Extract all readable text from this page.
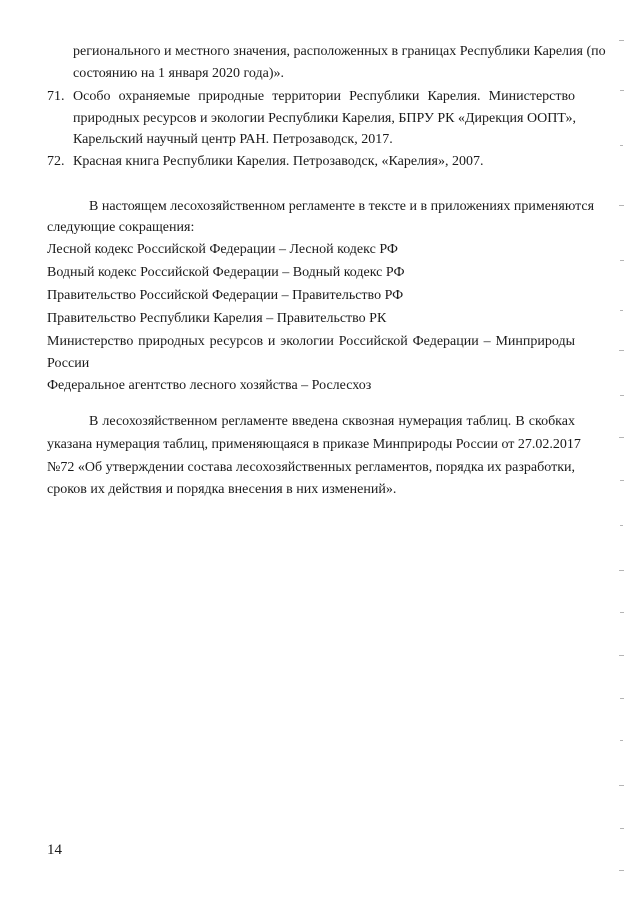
регионального и местного значения, расположенных в границах Республики Карелия (по
состоянию на 1 января 2020 года)».
71. Особо охраняемые природные территории Республики Карелия. Министерство
природных ресурсов и экологии Республики Карелия, БПРУ РК «Дирекция ООПТ»,
Карельский научный центр РАН. Петрозаводск, 2017.
72. Красная книга Республики Карелия. Петрозаводск, «Карелия», 2007.
В настоящем лесохозяйственном регламенте в тексте и в приложениях применяются
следующие сокращения:
Лесной кодекс Российской Федерации – Лесной кодекс РФ
Водный кодекс Российской Федерации – Водный кодекс РФ
Правительство Российской Федерации – Правительство РФ
Правительство Республики Карелия – Правительство РК
Министерство природных ресурсов и экологии Российской Федерации – Минприроды
России
Федеральное агентство лесного хозяйства – Рослесхоз
В лесохозяйственном регламенте введена сквозная нумерация таблиц. В скобках
указана нумерация таблиц, применяющаяся в приказе Минприроды России от 27.02.2017
№72 «Об утверждении состава лесохозяйственных регламентов, порядка их разработки,
сроков их действия и порядка внесения в них изменений».
14
